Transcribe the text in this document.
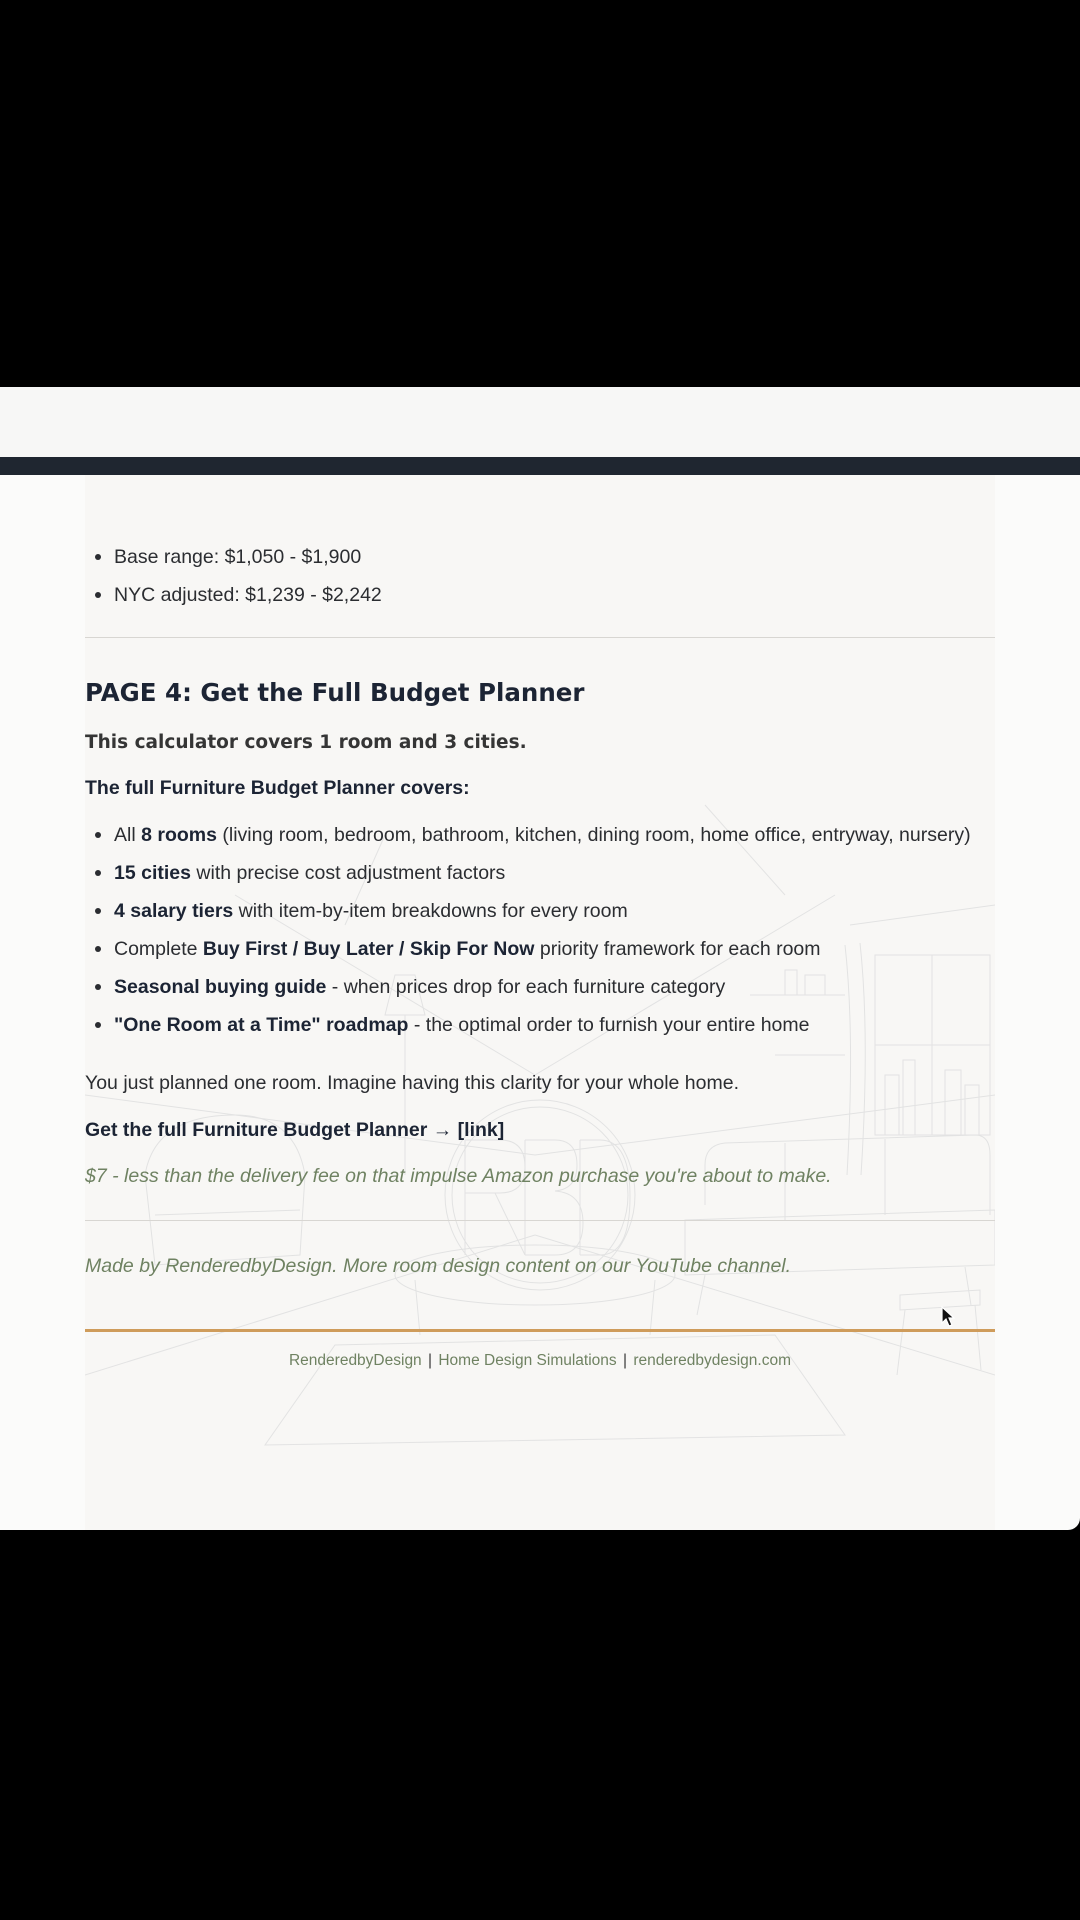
Base range: $1,050 - $1,900
NYC adjusted: $1,239 - $2,242
PAGE 4: Get the Full Budget Planner
This calculator covers 1 room and 3 cities.
The full Furniture Budget Planner covers:
All 8 rooms (living room, bedroom, bathroom, kitchen, dining room, home office, entryway, nursery)
15 cities with precise cost adjustment factors
4 salary tiers with item-by-item breakdowns for every room
Complete Buy First / Buy Later / Skip For Now priority framework for each room
Seasonal buying guide - when prices drop for each furniture category
"One Room at a Time" roadmap - the optimal order to furnish your entire home
You just planned one room. Imagine having this clarity for your whole home.
Get the full Furniture Budget Planner → [link]
$7 - less than the delivery fee on that impulse Amazon purchase you're about to make.
Made by RenderedbyDesign. More room design content on our YouTube channel.
RenderedbyDesign | Home Design Simulations | renderedbydesign.com
